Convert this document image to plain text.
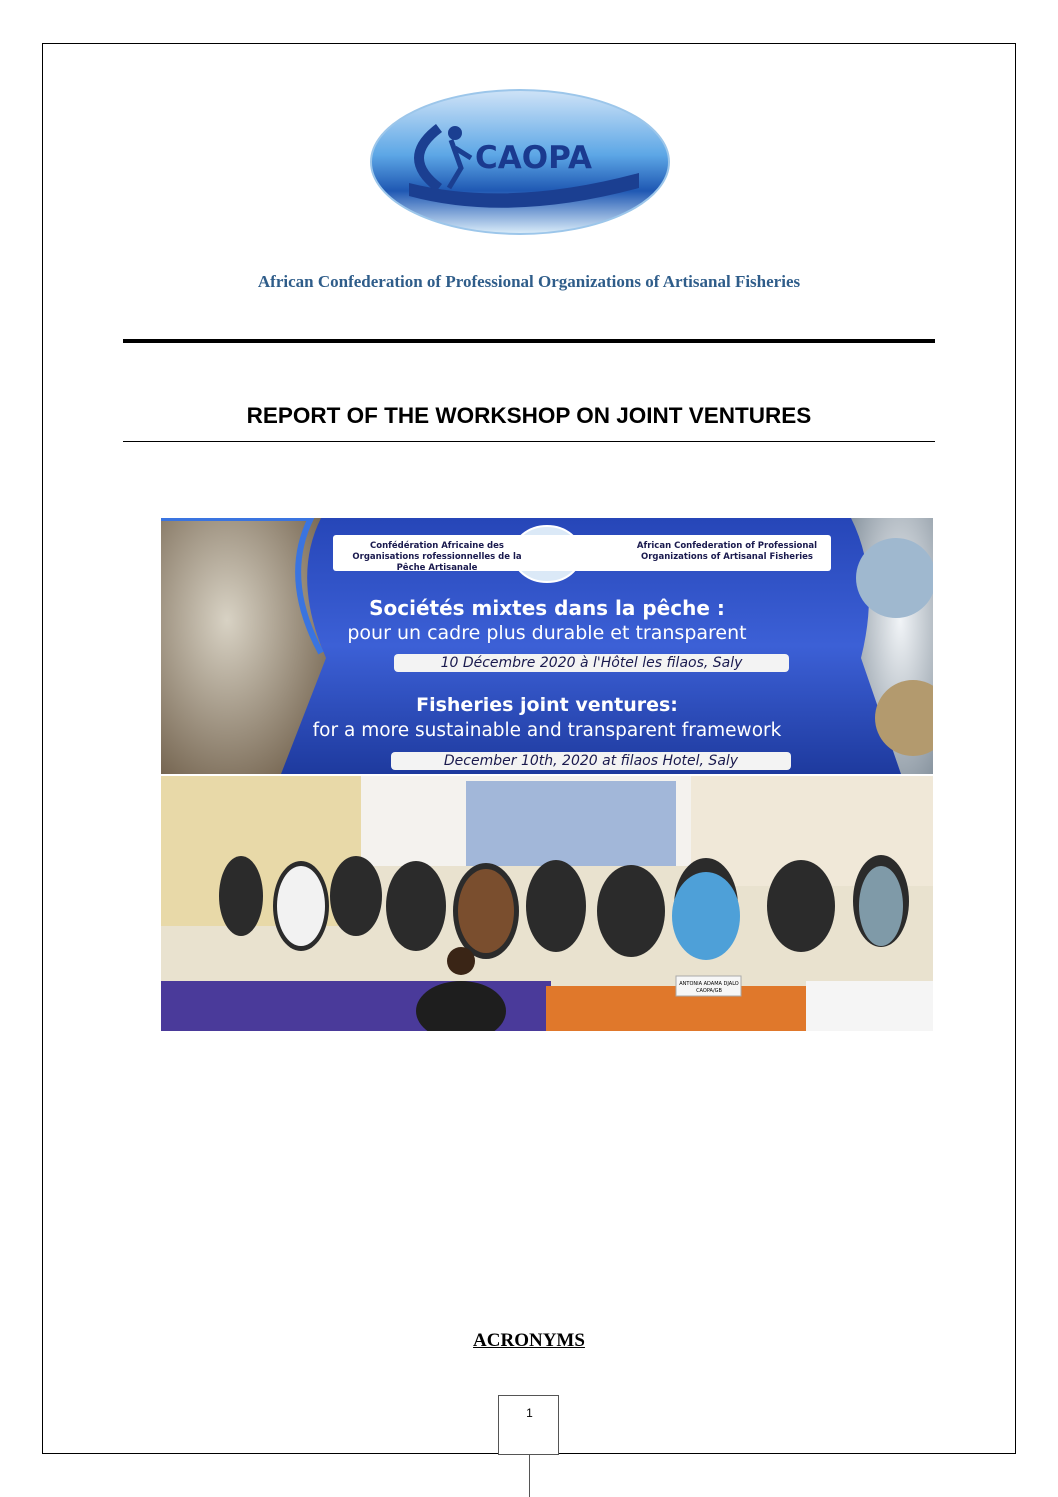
CAOPA
African Confederation of Professional Organizations of Artisanal Fisheries
REPORT OF THE WORKSHOP ON JOINT VENTURES
Confédération Africaine des Organisations rofessionnelles de la Pêche Artisanale
African Confederation of Professional Organizations of Artisanal Fisheries
Sociétés mixtes dans la pêche :
pour un cadre plus durable et transparent
10 Décembre 2020 à l'Hôtel les filaos, Saly
Fisheries joint ventures:
for a more sustainable and transparent framework
December 10th, 2020 at filaos Hotel, Saly
ANTONIA ADAMA DJALO
CAOPA/GB
ACRONYMS
1
